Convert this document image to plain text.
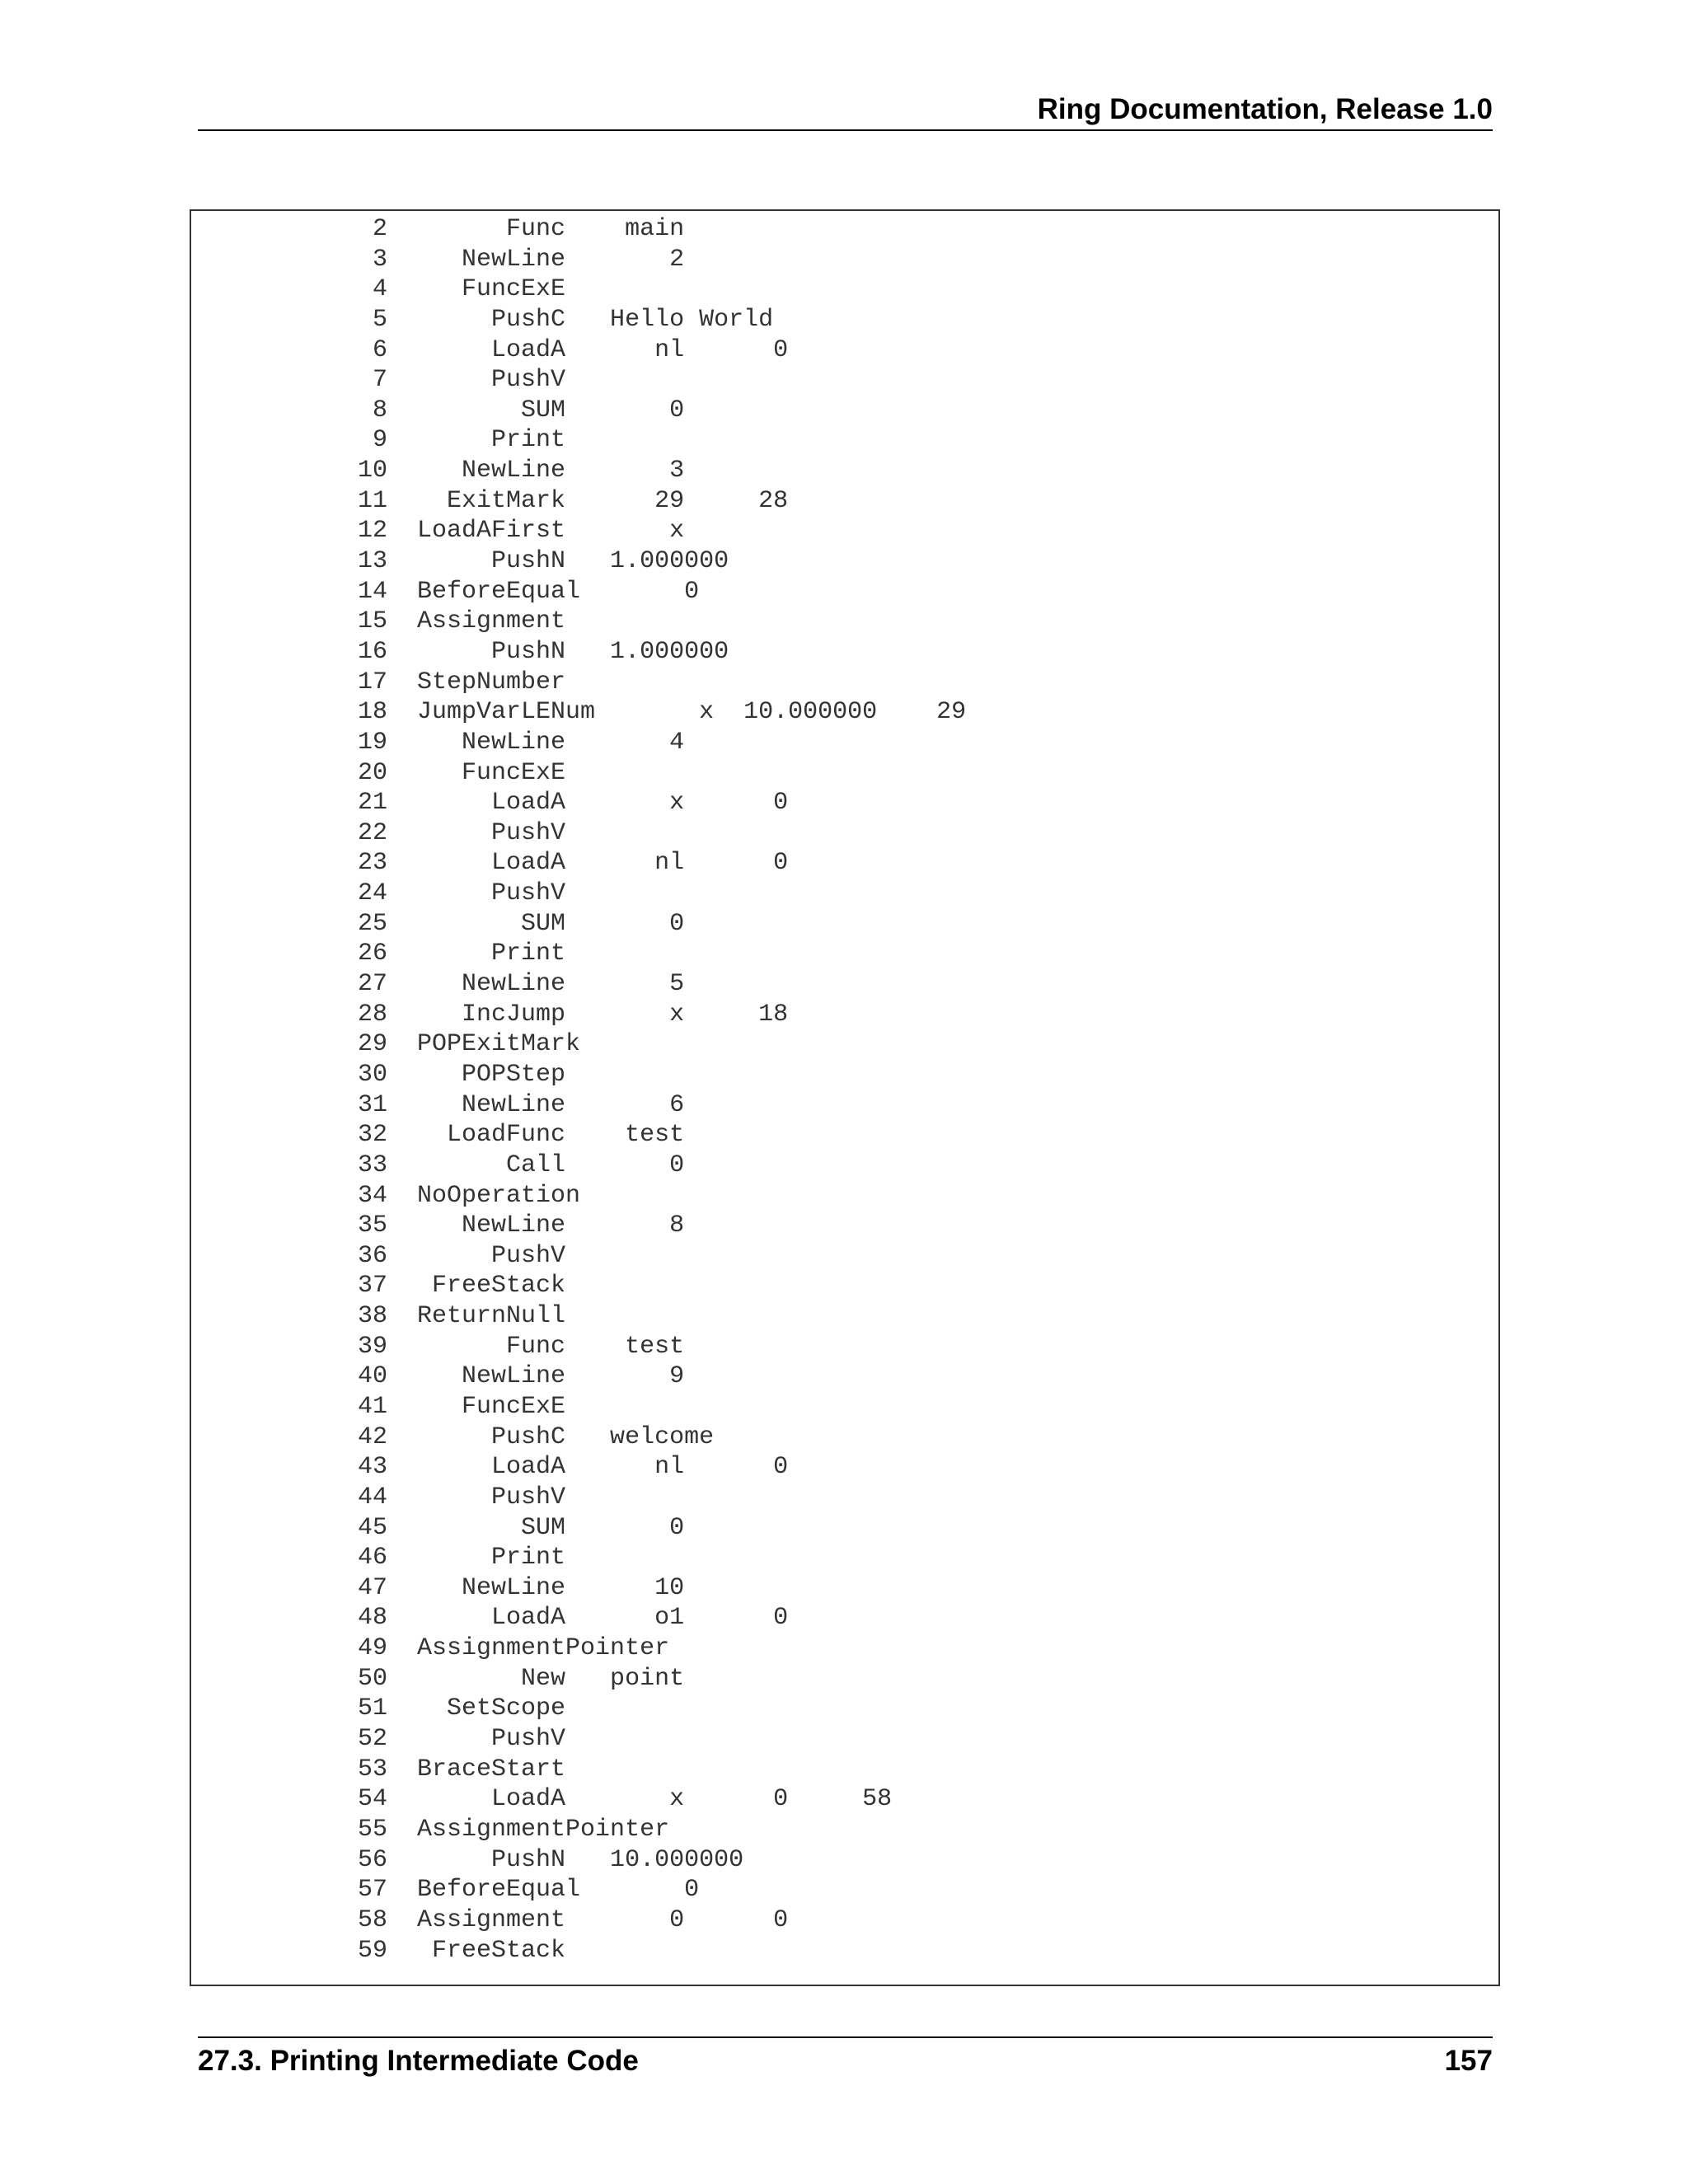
Ring Documentation, Release 1.0
2        Func    main
3     NewLine       2
4     FuncExE
5       PushC   Hello World
6       LoadA      nl      0
7       PushV
8         SUM       0
9       Print
10     NewLine       3
11    ExitMark      29     28
12  LoadAFirst       x
13       PushN   1.000000
14  BeforeEqual       0
15  Assignment
16       PushN   1.000000
17  StepNumber
18  JumpVarLENum       x  10.000000    29
19     NewLine       4
20     FuncExE
21       LoadA       x      0
22       PushV
23       LoadA      nl      0
24       PushV
25         SUM       0
26       Print
27     NewLine       5
28     IncJump       x     18
29  POPExitMark
30     POPStep
31     NewLine       6
32    LoadFunc    test
33        Call       0
34  NoOperation
35     NewLine       8
36       PushV
37   FreeStack
38  ReturnNull
39        Func    test
40     NewLine       9
41     FuncExE
42       PushC   welcome
43       LoadA      nl      0
44       PushV
45         SUM       0
46       Print
47     NewLine      10
48       LoadA      o1      0
49  AssignmentPointer
50         New   point
51    SetScope
52       PushV
53  BraceStart
54       LoadA       x      0     58
55  AssignmentPointer
56       PushN   10.000000
57  BeforeEqual       0
58  Assignment       0      0
59   FreeStack
27.3. Printing Intermediate Code	157
